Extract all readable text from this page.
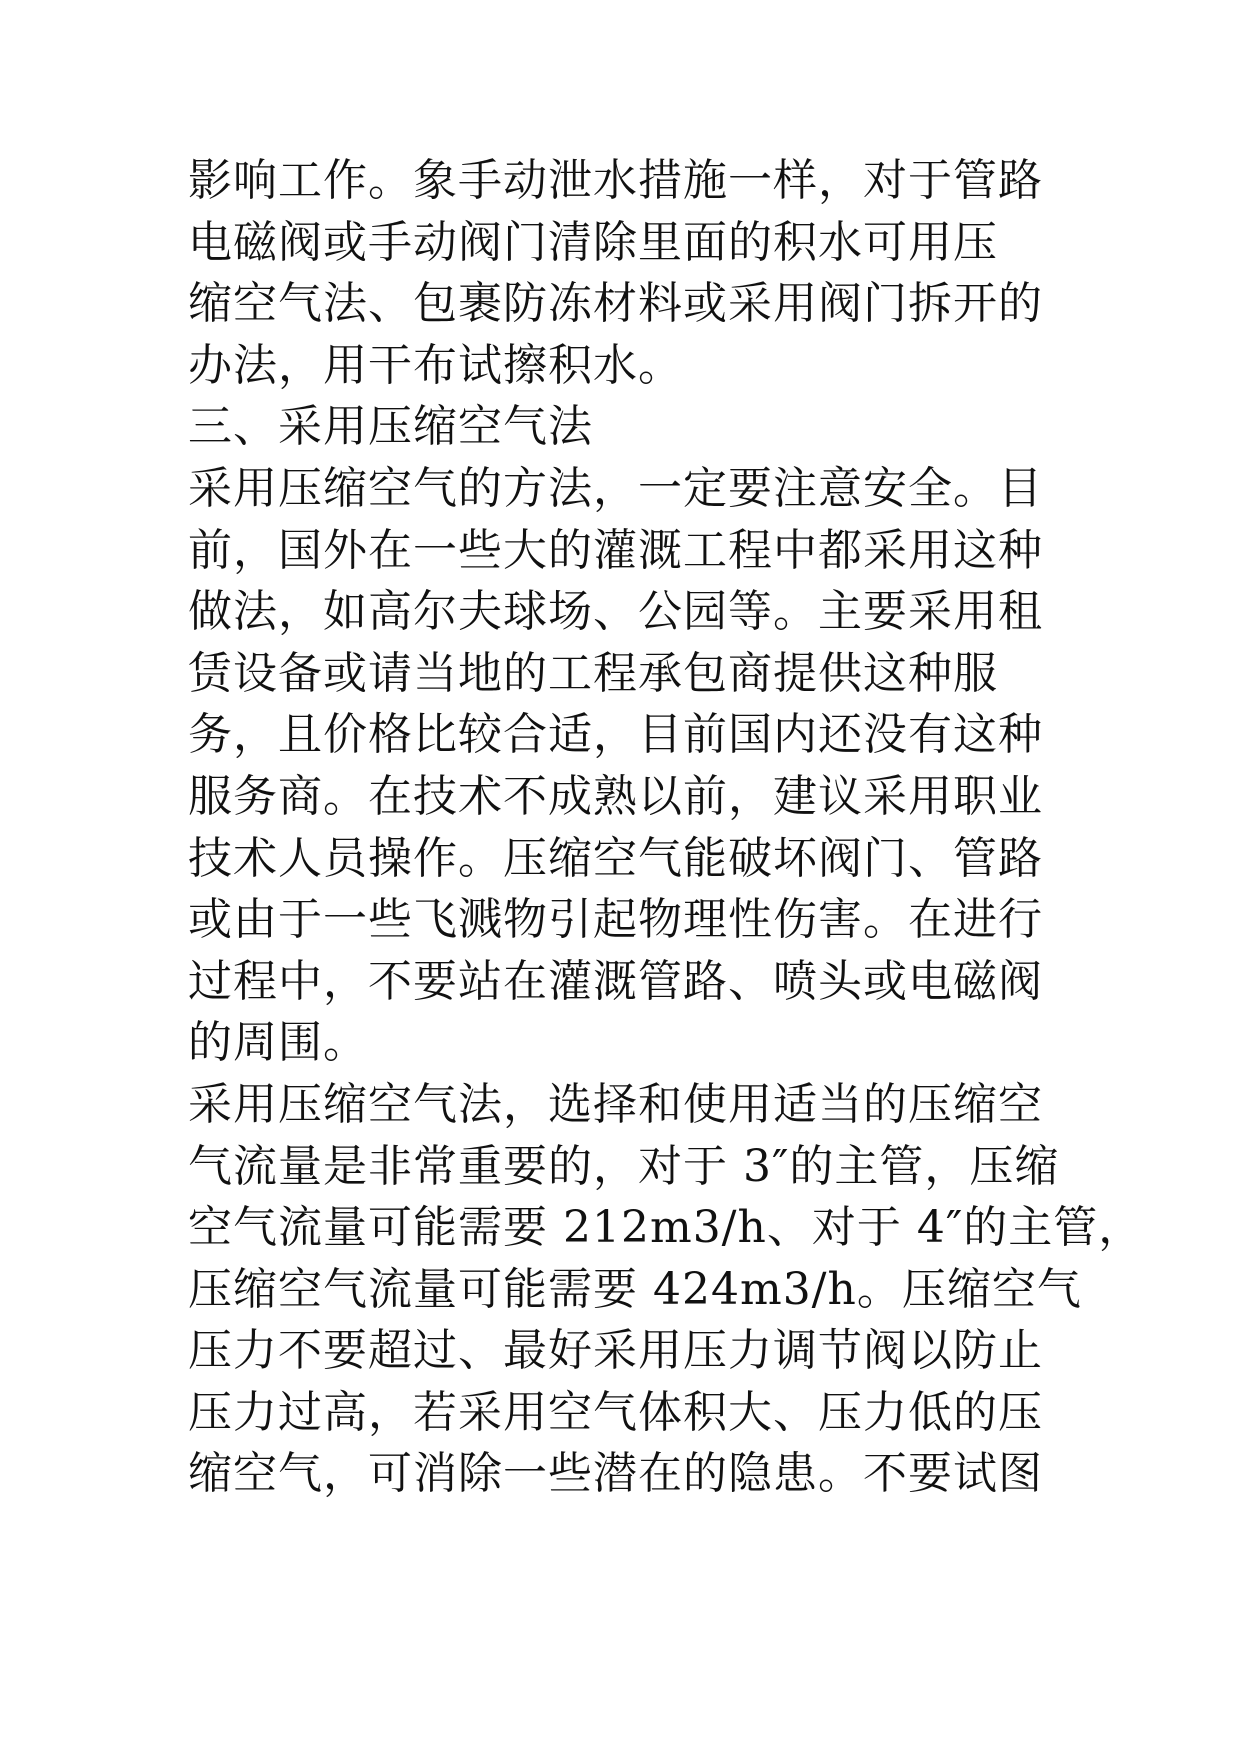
影响工作。象手动泄水措施一样，对于管路
电磁阀或手动阀门清除里面的积水可用压
缩空气法、包裹防冻材料或采用阀门拆开的
办法，用干布试擦积水。
三、采用压缩空气法
采用压缩空气的方法，一定要注意安全。目
前，国外在一些大的灌溉工程中都采用这种
做法，如高尔夫球场、公园等。主要采用租
赁设备或请当地的工程承包商提供这种服
务，且价格比较合适，目前国内还没有这种
服务商。在技术不成熟以前，建议采用职业
技术人员操作。压缩空气能破坏阀门、管路
或由于一些飞溅物引起物理性伤害。在进行
过程中，不要站在灌溉管路、喷头或电磁阀
的周围。
采用压缩空气法，选择和使用适当的压缩空
气流量是非常重要的，对于 3″的主管，压缩
空气流量可能需要 212m3/h、对于 4″的主管，
压缩空气流量可能需要 424m3/h。压缩空气
压力不要超过、最好采用压力调节阀以防止
压力过高，若采用空气体积大、压力低的压
缩空气，可消除一些潜在的隐患。不要试图
